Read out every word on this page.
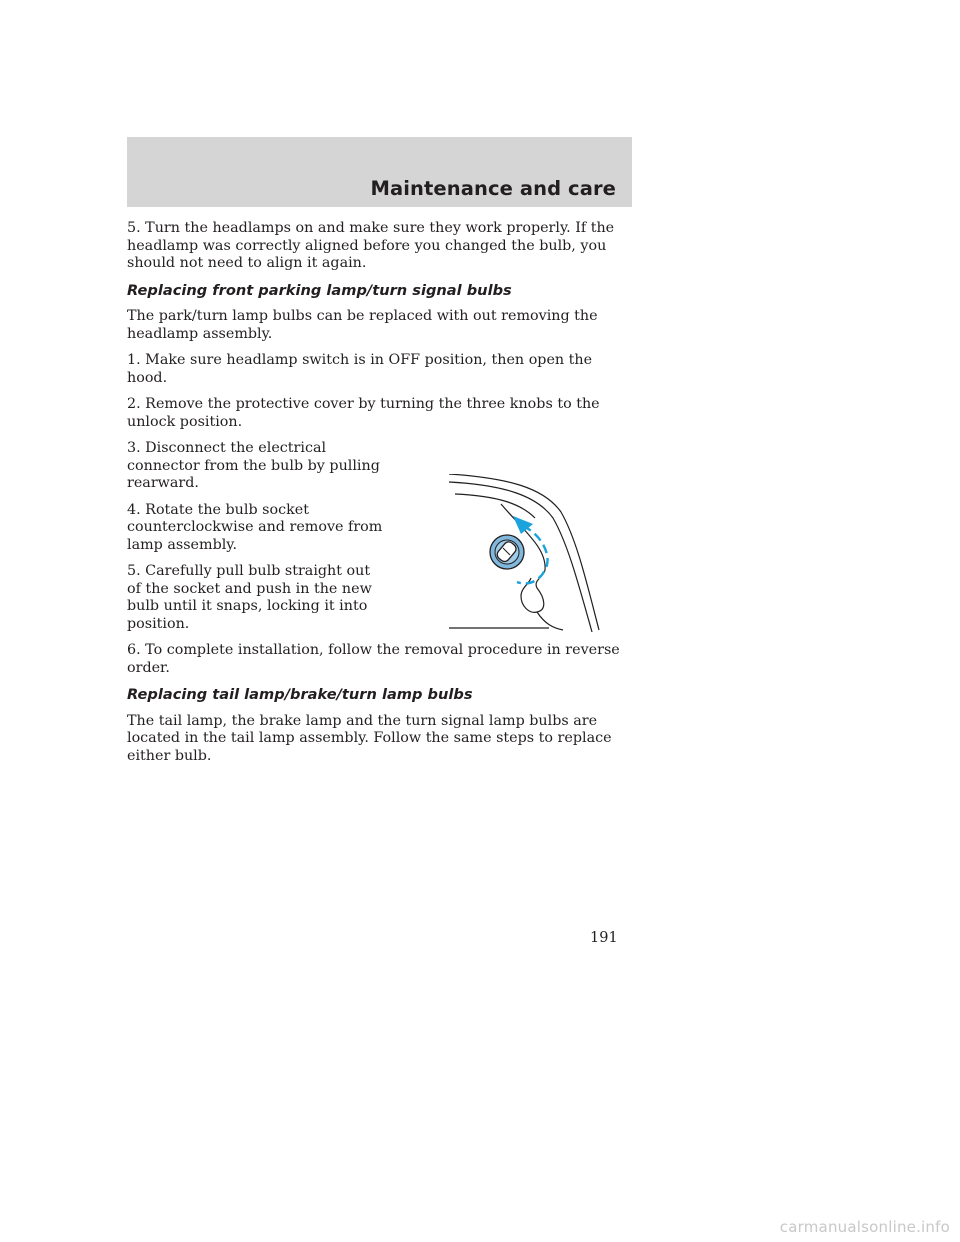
Maintenance and care

5. Turn the headlamps on and make sure they work properly. If the headlamp was correctly aligned before you changed the bulb, you should not need to align it again.

Replacing front parking lamp/turn signal bulbs

The park/turn lamp bulbs can be replaced with out removing the headlamp assembly.

1. Make sure headlamp switch is in OFF position, then open the hood.

2. Remove the protective cover by turning the three knobs to the unlock position.

3. Disconnect the electrical connector from the bulb by pulling rearward.

4. Rotate the bulb socket counterclockwise and remove from lamp assembly.

5. Carefully pull bulb straight out of the socket and push in the new bulb until it snaps, locking it into position.

6. To complete installation, follow the removal procedure in reverse order.

Replacing tail lamp/brake/turn lamp bulbs

The tail lamp, the brake lamp and the turn signal lamp bulbs are located in the tail lamp assembly. Follow the same steps to replace either bulb.

191
carmanualsonline.info
